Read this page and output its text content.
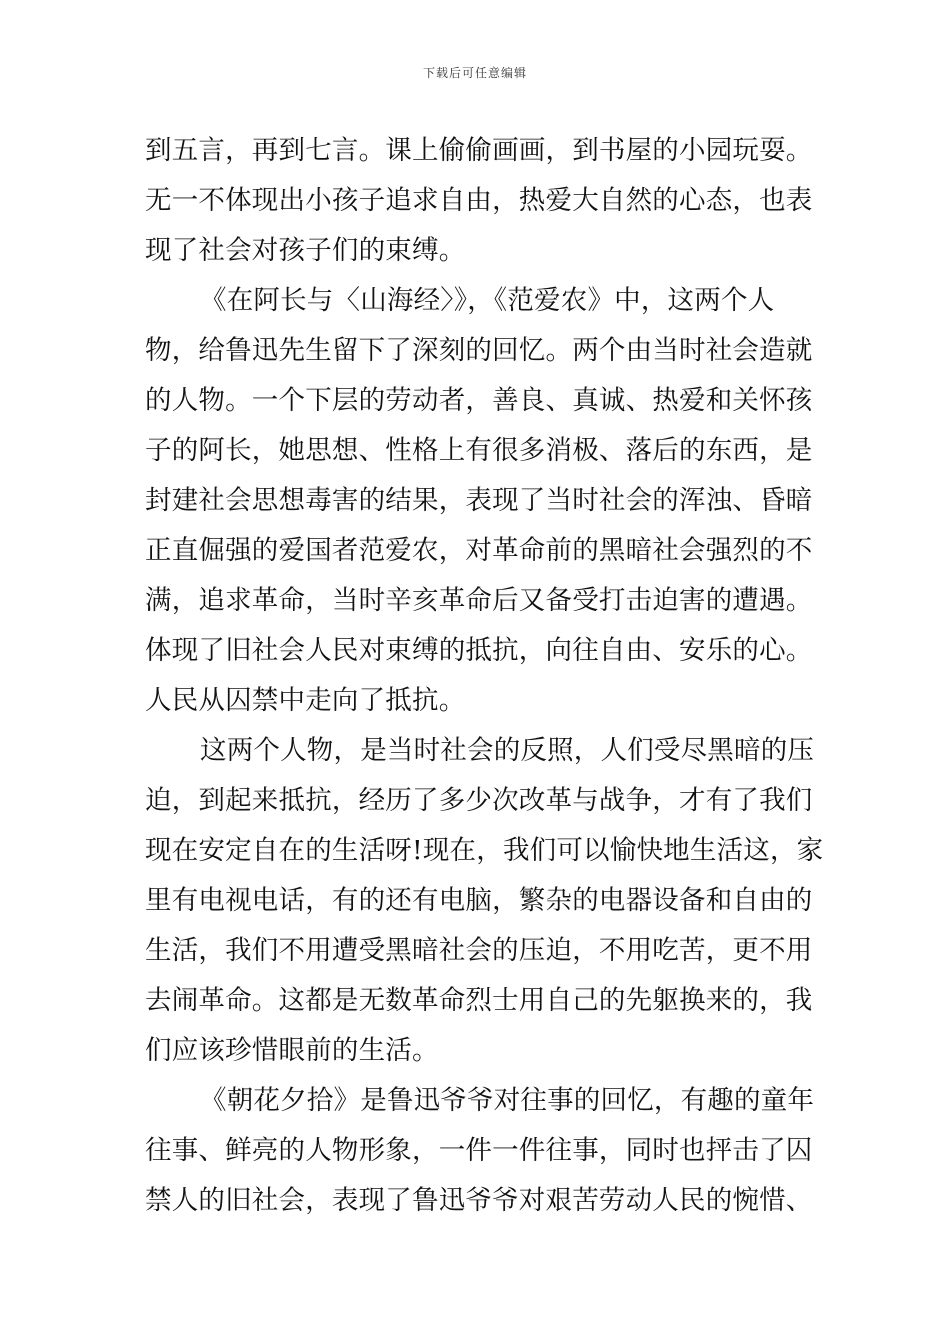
下载后可任意编辑
到五言，再到七言。课上偷偷画画，到书屋的小园玩耍。
无一不体现出小孩子追求自由，热爱大自然的心态，也表
现了社会对孩子们的束缚。
《在阿长与〈山海经〉》，《范爱农》中，这两个人
物，给鲁迅先生留下了深刻的回忆。两个由当时社会造就
的人物。一个下层的劳动者，善良、真诚、热爱和关怀孩
子的阿长，她思想、性格上有很多消极、落后的东西，是
封建社会思想毒害的结果，表现了当时社会的浑浊、昏暗
正直倔强的爱国者范爱农，对革命前的黑暗社会强烈的不
满，追求革命，当时辛亥革命后又备受打击迫害的遭遇。
体现了旧社会人民对束缚的抵抗，向往自由、安乐的心。
人民从囚禁中走向了抵抗。
这两个人物，是当时社会的反照，人们受尽黑暗的压
迫，到起来抵抗，经历了多少次改革与战争，才有了我们
现在安定自在的生活呀!现在，我们可以愉快地生活这，家
里有电视电话，有的还有电脑，繁杂的电器设备和自由的
生活，我们不用遭受黑暗社会的压迫，不用吃苦，更不用
去闹革命。这都是无数革命烈士用自己的先躯换来的，我
们应该珍惜眼前的生活。
《朝花夕拾》是鲁迅爷爷对往事的回忆，有趣的童年
往事、鲜亮的人物形象，一件一件往事，同时也抨击了囚
禁人的旧社会，表现了鲁迅爷爷对艰苦劳动人民的惋惜、
